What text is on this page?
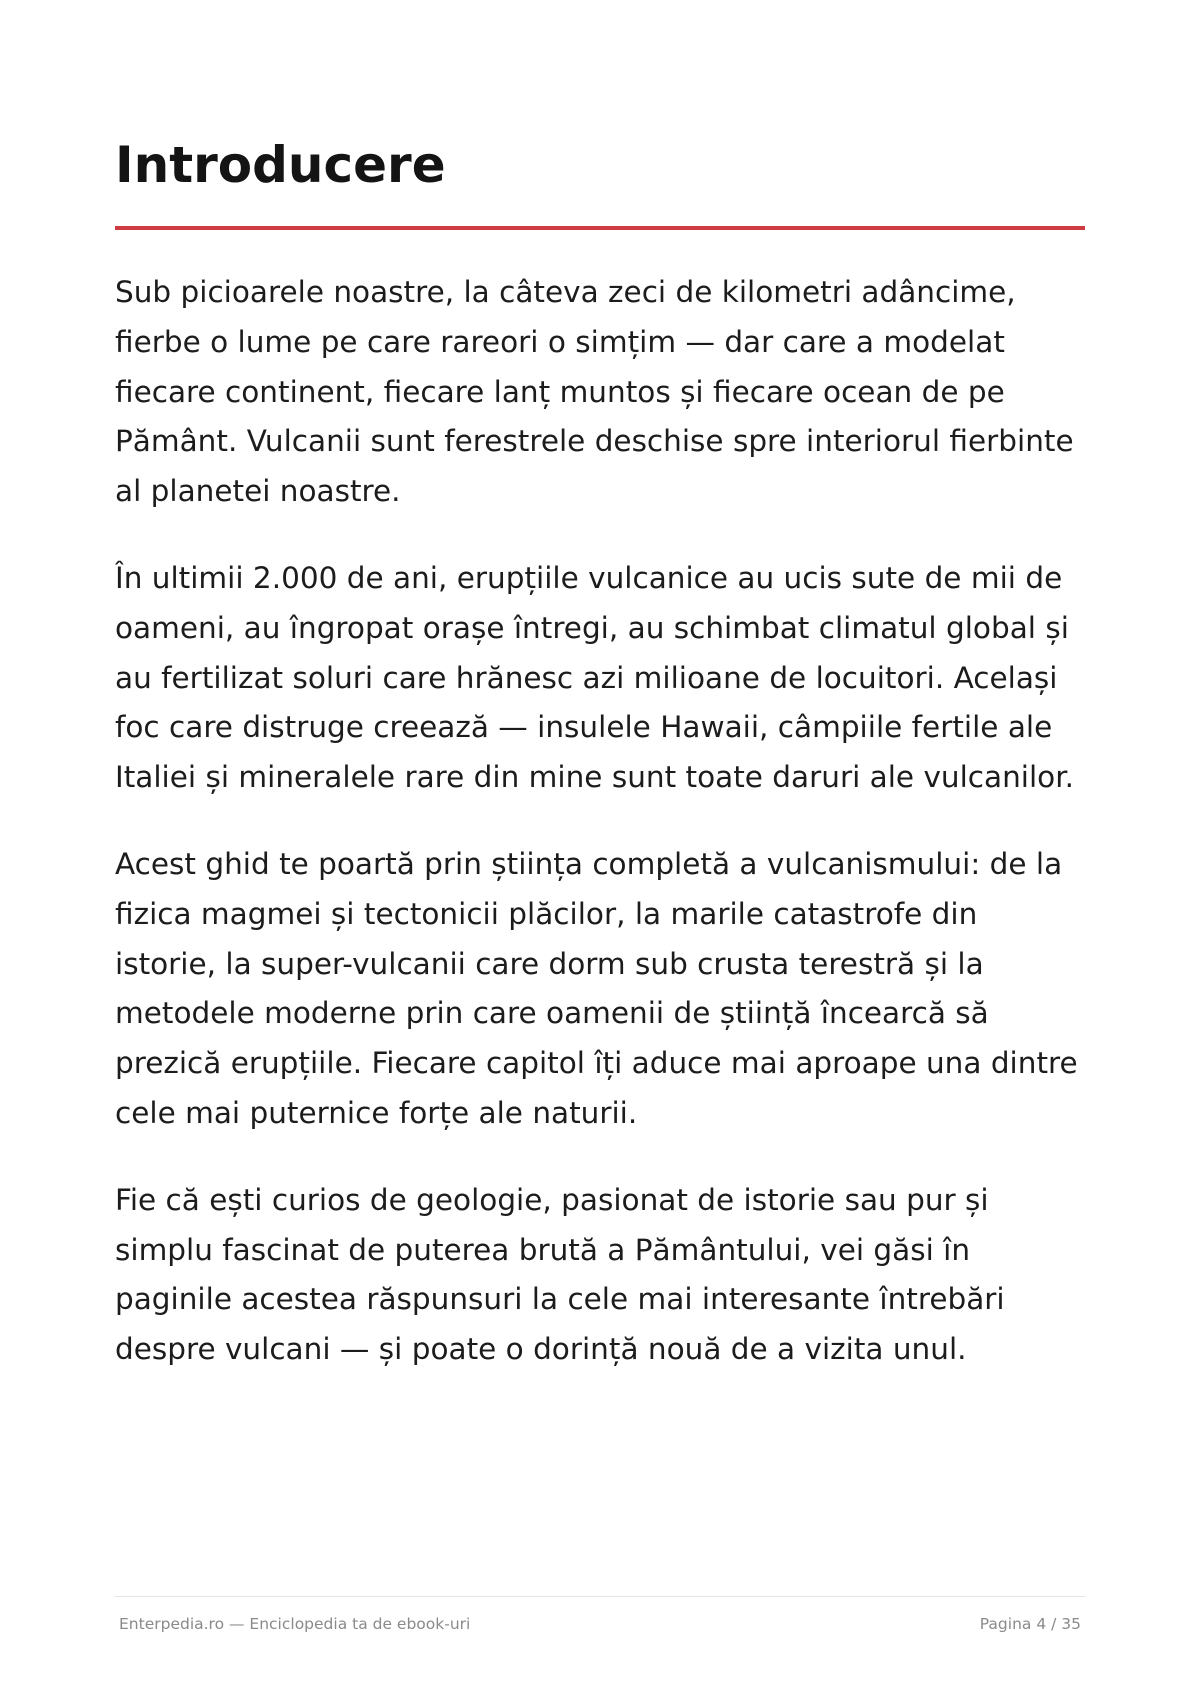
Introducere

Sub picioarele noastre, la câteva zeci de kilometri adâncime, fierbe o lume pe care rareori o simțim — dar care a modelat fiecare continent, fiecare lanț muntos și fiecare ocean de pe Pământ. Vulcanii sunt ferestrele deschise spre interiorul fierbinte al planetei noastre.

În ultimii 2.000 de ani, erupțiile vulcanice au ucis sute de mii de oameni, au îngropat orașe întregi, au schimbat climatul global și au fertilizat soluri care hrănesc azi milioane de locuitori. Același foc care distruge creează — insulele Hawaii, câmpiile fertile ale Italiei și mineralele rare din mine sunt toate daruri ale vulcanilor.

Acest ghid te poartă prin știința completă a vulcanismului: de la fizica magmei și tectonicii plăcilor, la marile catastrofe din istorie, la super-vulcanii care dorm sub crusta terestră și la metodele moderne prin care oamenii de știință încearcă să prezică erupțiile. Fiecare capitol îți aduce mai aproape una dintre cele mai puternice forțe ale naturii.

Fie că ești curios de geologie, pasionat de istorie sau pur și simplu fascinat de puterea brută a Pământului, vei găsi în paginile acestea răspunsuri la cele mai interesante întrebări despre vulcani — și poate o dorință nouă de a vizita unul.

Enterpedia.ro — Enciclopedia ta de ebook-uri	Pagina 4 / 35
